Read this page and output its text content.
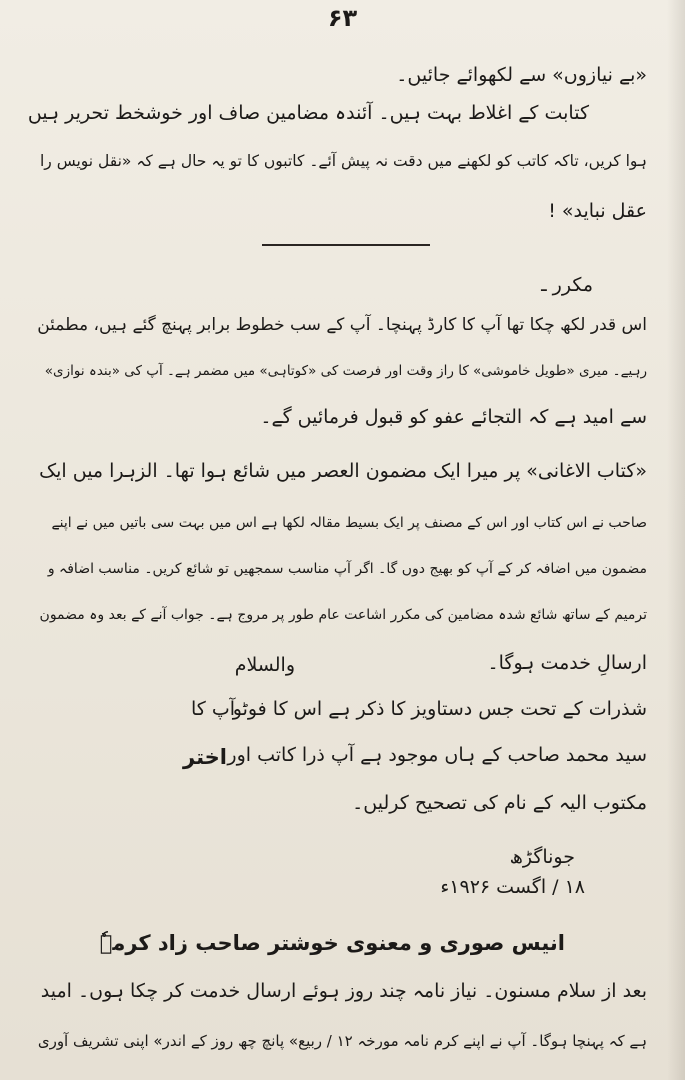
۶۳
«بے نیازوں» سے لکھوائے جائیں۔
کتابت کے اغلاط بہت ہیں۔ آئندہ مضامین صاف اور خوشخط تحریر ہیں
ہوا کریں، تاکہ کاتب کو لکھنے میں دقت نہ پیش آئے۔ کاتبوں کا تو یہ حال ہے کہ «نقل نویس را
عقل نباید» !
مکرر ـ
اس قدر لکھ چکا تھا آپ کا کارڈ پہنچا۔ آپ کے سب خطوط برابر پہنچ گئے ہیں، مطمئن
رہیے۔ میری «طویل خاموشی» کا راز وقت اور فرصت کی «کوتاہی» میں مضمر ہے۔ آپ کی «بندہ نوازی»
سے امید ہے کہ التجائے عفو کو قبول فرمائیں گے۔
«کتاب الاغانی» پر میرا ایک مضمون العصر میں شائع ہوا تھا۔ الزہرا میں ایک
صاحب نے اس کتاب اور اس کے مصنف پر ایک بسیط مقالہ لکھا ہے اس میں بہت سی باتیں میں نے اپنے
مضمون میں اضافہ کر کے آپ کو بھیج دوں گا۔ اگر آپ مناسب سمجھیں تو شائع کریں۔ مناسب اضافہ و
ترمیم کے ساتھ شائع شدہ مضامین کی مکرر اشاعت عام طور پر مروج ہے۔ جواب آنے کے بعد وہ مضمون
ارسالِ خدمت ہوگا۔
والسلام
شذرات کے تحت جس دستاویز کا ذکر ہے اس کا فوٹو
آپ کا
سید محمد صاحب کے ہاں موجود ہے آپ ذرا کاتب اور
اختر
مکتوب الیہ کے نام کی تصحیح کرلیں۔
جوناگڑھ
۱۸ / اگست ۱۹۲۶ء
انیس صوری و معنوی خوشتر صاحب زاد کرمہٗ
بعد از سلام مسنون۔ نیاز نامہ چند روز ہوئے ارسال خدمت کر چکا ہوں۔ امید
ہے کہ پہنچا ہوگا۔ آپ نے اپنے کرم نامہ مورخہ ۱۲ / ربیع» پانچ چھ روز کے اندر» اپنی تشریف آوری
